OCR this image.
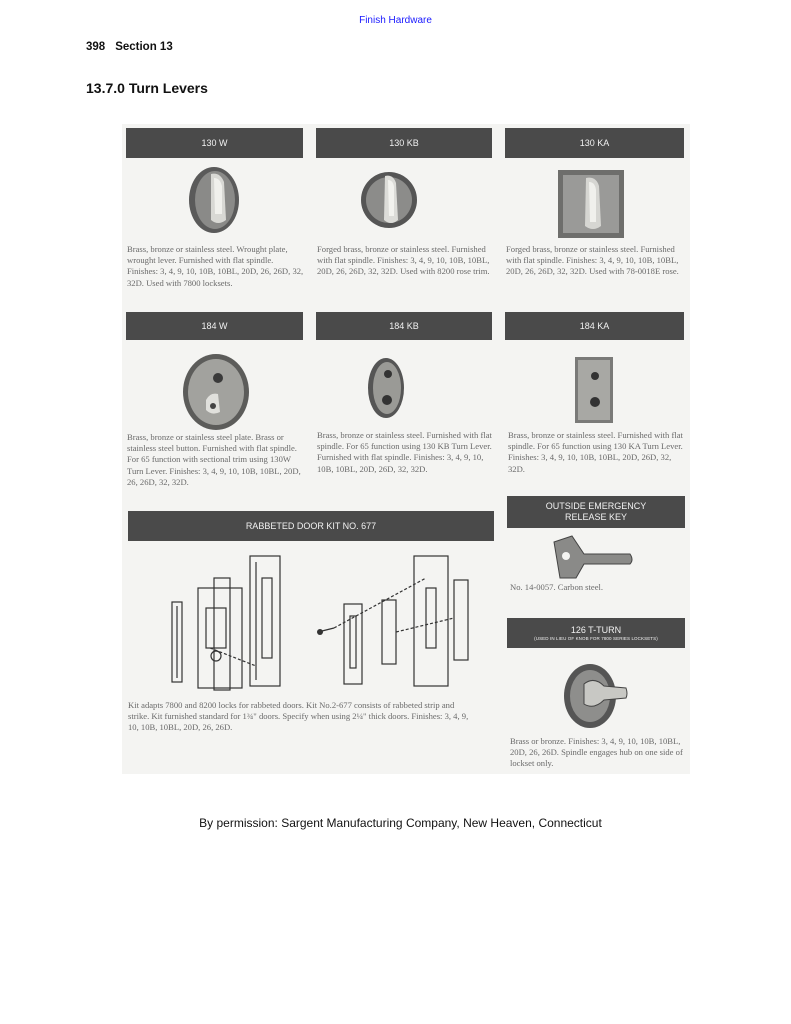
Finish Hardware
398 Section 13
13.7.0 Turn Levers
130 W	130 KB	130 KA
Brass, bronze or stainless steel. Wrought plate, wrought lever. Furnished with flat spindle. Finishes: 3, 4, 9, 10, 10B, 10BL, 20D, 26, 26D, 32, 32D. Used with 7800 locksets.
Forged brass, bronze or stainless steel. Furnished with flat spindle. Finishes: 3, 4, 9, 10, 10B, 10BL, 20D, 26, 26D, 32, 32D. Used with 8200 rose trim.
Forged brass, bronze or stainless steel. Furnished with flat spindle. Finishes: 3, 4, 9, 10, 10B, 10BL, 20D, 26, 26D, 32, 32D. Used with 78-0018E rose.
184 W	184 KB	184 KA
Brass, bronze or stainless steel plate. Brass or stainless steel button. Furnished with flat spindle. For 65 function with sectional trim using 130W Turn Lever. Finishes: 3, 4, 9, 10, 10B, 10BL, 20D, 26, 26D, 32, 32D.
Brass, bronze or stainless steel. Furnished with flat spindle. For 65 function using 130 KB Turn Lever. Furnished with flat spindle. Finishes: 3, 4, 9, 10, 10B, 10BL, 20D, 26D, 32, 32D.
Brass, bronze or stainless steel. Furnished with flat spindle. For 65 function using 130 KA Turn Lever. Finishes: 3, 4, 9, 10, 10B, 10BL, 20D, 26D, 32, 32D.
RABBETED DOOR KIT NO. 677
Kit adapts 7800 and 8200 locks for rabbeted doors. Kit No.2-677 consists of rabbeted strip and strike. Kit furnished standard for 1¾" doors. Specify when using 2¼" thick doors. Finishes: 3, 4, 9, 10, 10B, 10BL, 20D, 26, 26D.
OUTSIDE EMERGENCY
RELEASE KEY
No. 14-0057. Carbon steel.
126 T-TURN
(USED IN LIEU OF KNOB FOR 7800 SERIES LOCKSETS)
Brass or bronze. Finishes: 3, 4, 9, 10, 10B, 10BL, 20D, 26, 26D. Spindle engages hub on one side of lockset only.
By permission: Sargent Manufacturing Company, New Heaven, Connecticut
